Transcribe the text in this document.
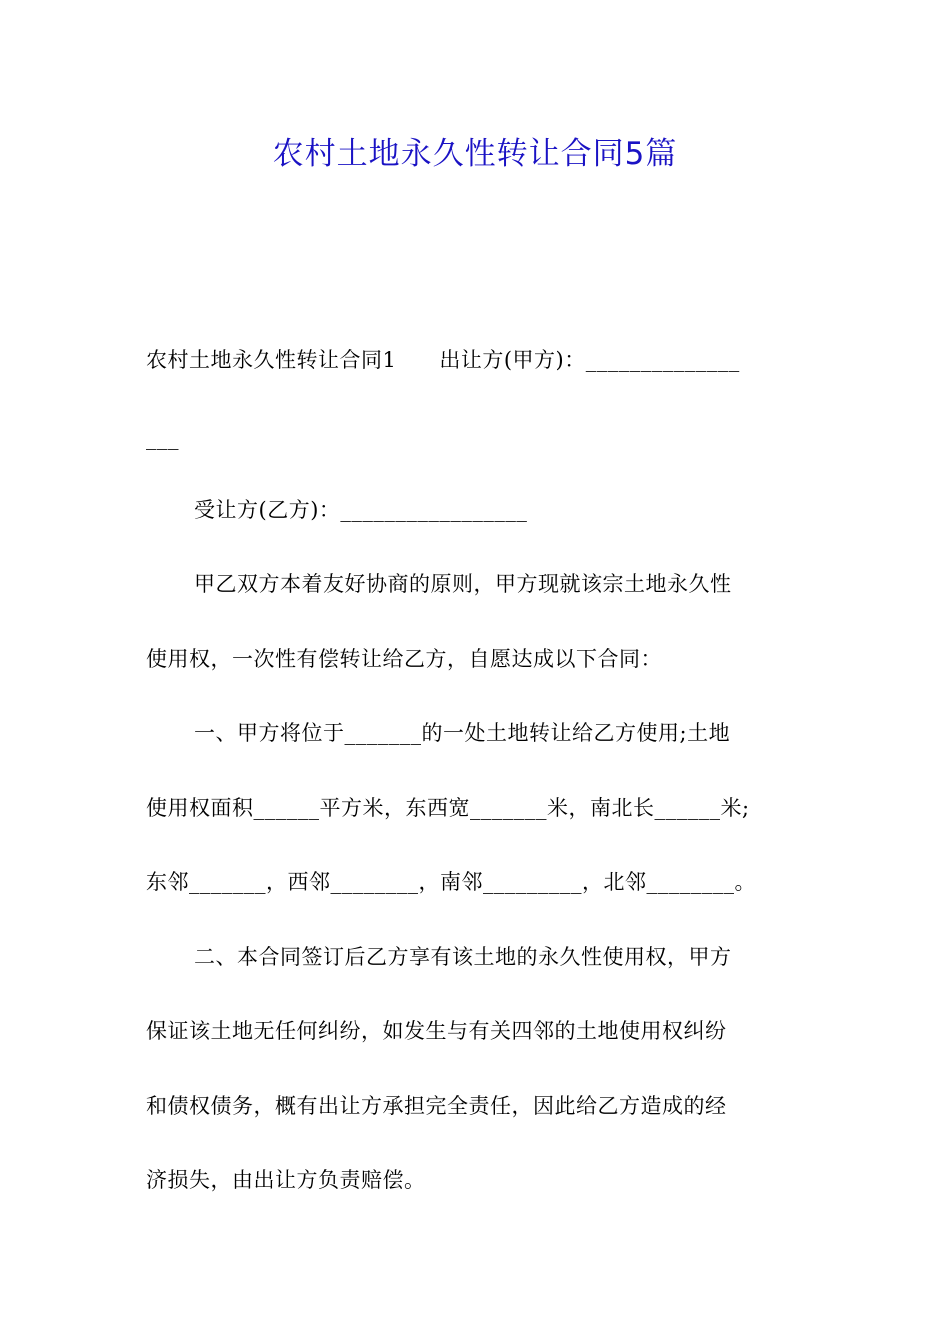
农村土地永久性转让合同5篇
农村土地永久性转让合同1　　出让方(甲方)：______________
___
受让方(乙方)：_________________
甲乙双方本着友好协商的原则，甲方现就该宗土地永久性
使用权，一次性有偿转让给乙方，自愿达成以下合同：
一、甲方将位于_______的一处土地转让给乙方使用;土地
使用权面积______平方米，东西宽_______米，南北长______米;
东邻_______，西邻________，南邻_________，北邻________。
二、本合同签订后乙方享有该土地的永久性使用权，甲方
保证该土地无任何纠纷，如发生与有关四邻的土地使用权纠纷
和债权债务，概有出让方承担完全责任，因此给乙方造成的经
济损失，由出让方负责赔偿。
